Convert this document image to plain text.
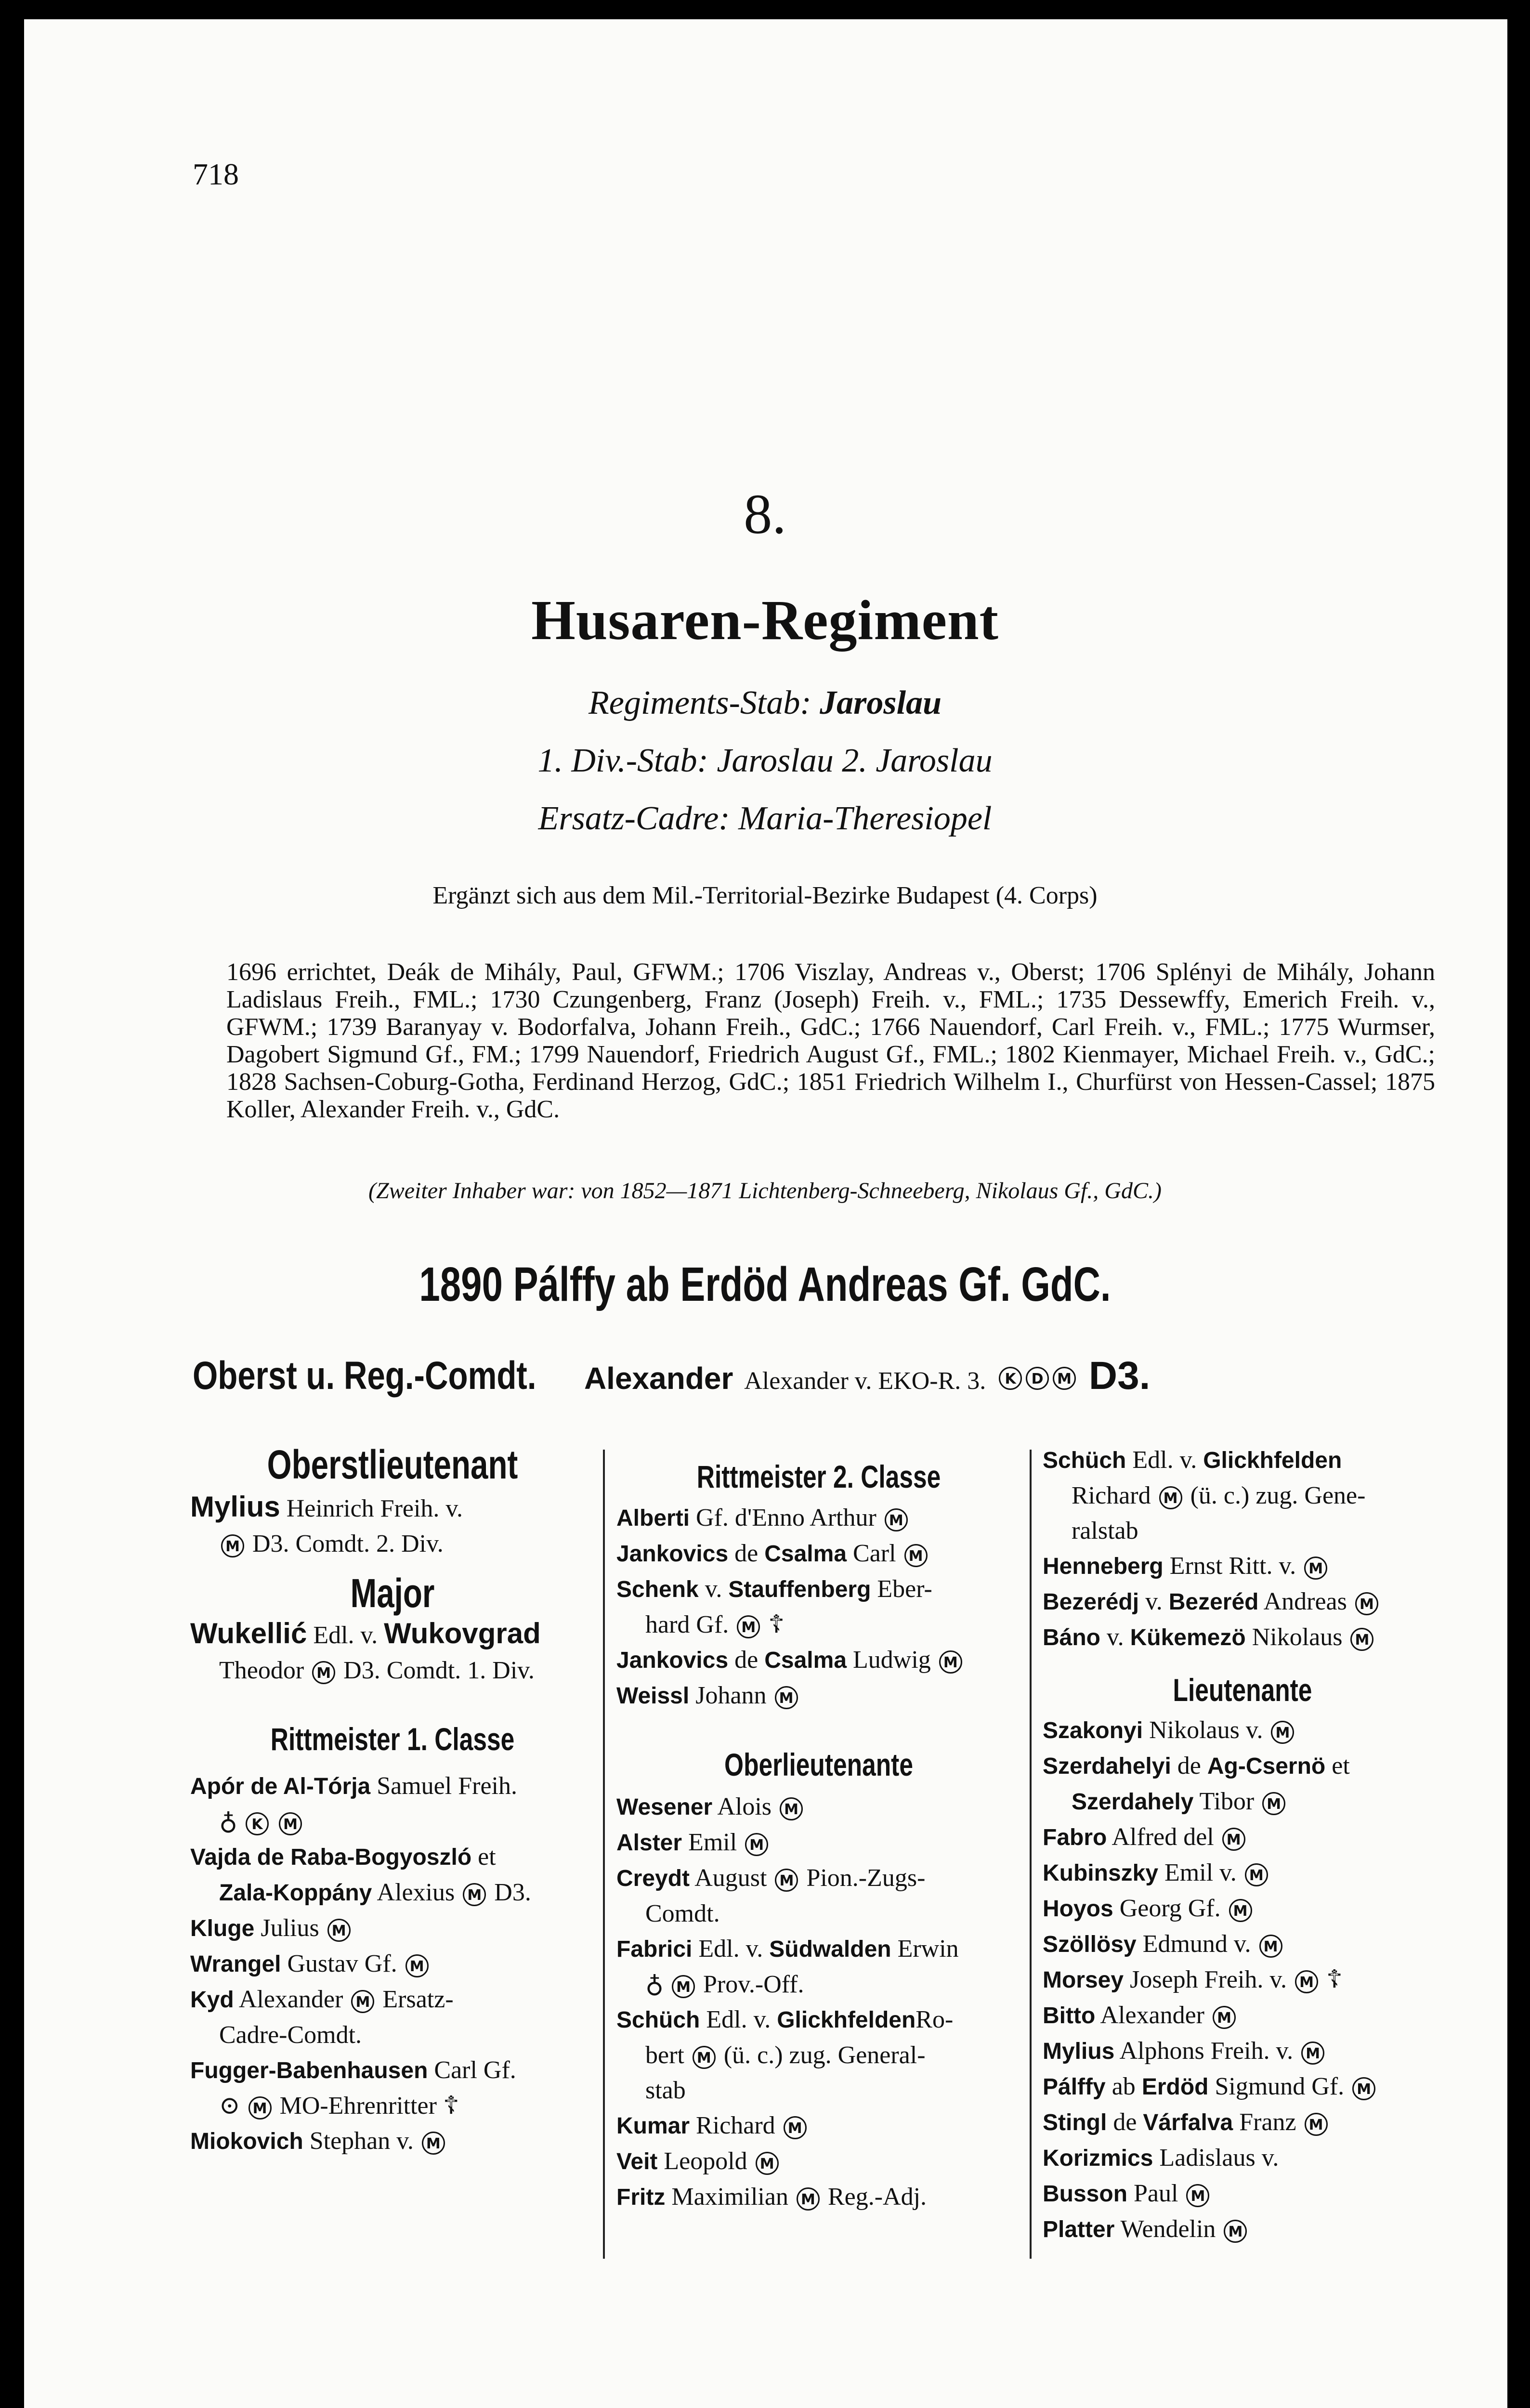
718
8.
Husaren-Regiment
Regiments-Stab: Jaroslau
1. Div.-Stab: Jaroslau 2. Jaroslau
Ersatz-Cadre: Maria-Theresiopel
Ergänzt sich aus dem Mil.-Territorial-Bezirke Budapest (4. Corps)
1696 errichtet, Deák de Mihály, Paul, GFWM.; 1706 Viszlay, Andreas v., Oberst; 1706 Splényi de Mihály, Johann Ladislaus Freih., FML.; 1730 Czungenberg, Franz (Joseph) Freih. v., FML.; 1735 Dessewffy, Emerich Freih. v., GFWM.; 1739 Baranyay v. Bodorfalva, Johann Freih., GdC.; 1766 Nauendorf, Carl Freih. v., FML.; 1775 Wurmser, Dagobert Sigmund Gf., FM.; 1799 Nauendorf, Friedrich August Gf., FML.; 1802 Kienmayer, Michael Freih. v., GdC.; 1828 Sachsen-Coburg-Gotha, Ferdinand Herzog, GdC.; 1851 Friedrich Wilhelm I., Churfürst von Hessen-Cassel; 1875 Koller, Alexander Freih. v., GdC.
(Zweiter Inhaber war: von 1852—1871 Lichtenberg-Schneeberg, Nikolaus Gf., GdC.)
1890 Pálffy ab Erdöd Andreas Gf. GdC.
Oberst u. Reg.-Comdt. Alexander Alexander v. EKO-R. 3. K D M D3.
Oberstlieutenant
Mylius Heinrich Freih. v.
M D3. Comdt. 2. Div.
Major
Wukellić Edl. v. Wukovgrad
Theodor M D3. Comdt. 1. Div.
Rittmeister 1. Classe
Apór de Al-Tórja Samuel Freih.
♁ K M
Vajda de Raba-Bogyoszló et
Zala-Koppány Alexius M D3.
Kluge Julius M
Wrangel Gustav Gf. M
Kyd Alexander M Ersatz-
Cadre-Comdt.
Fugger-Babenhausen Carl Gf.
⊙ M MO-Ehrenritter ☦
Miokovich Stephan v. M
Rittmeister 2. Classe
Alberti Gf. d'Enno Arthur M
Jankovics de Csalma Carl M
Schenk v. Stauffenberg Eber-
hard Gf. M ☦
Jankovics de Csalma Ludwig M
Weissl Johann M
Oberlieutenante
Wesener Alois M
Alster Emil M
Creydt August M Pion.-Zugs-
Comdt.
Fabrici Edl. v. Südwalden Erwin
♁ M Prov.-Off.
Schüch Edl. v. GlickhfeldenRo-
bert M (ü. c.) zug. General-
stab
Kumar Richard M
Veit Leopold M
Fritz Maximilian M Reg.-Adj.
Schüch Edl. v. Glickhfelden
Richard M (ü. c.) zug. Gene-
ralstab
Henneberg Ernst Ritt. v. M
Bezerédj v. Bezeréd Andreas M
Báno v. Kükemezö Nikolaus M
Lieutenante
Szakonyi Nikolaus v. M
Szerdahelyi de Ag-Csernö et
Szerdahely Tibor M
Fabro Alfred del M
Kubinszky Emil v. M
Hoyos Georg Gf. M
Szöllösy Edmund v. M
Morsey Joseph Freih. v. M ☦
Bitto Alexander M
Mylius Alphons Freih. v. M
Pálffy ab Erdöd Sigmund Gf. M
Stingl de Várfalva Franz M
Korizmics Ladislaus v.
Busson Paul M
Platter Wendelin M
